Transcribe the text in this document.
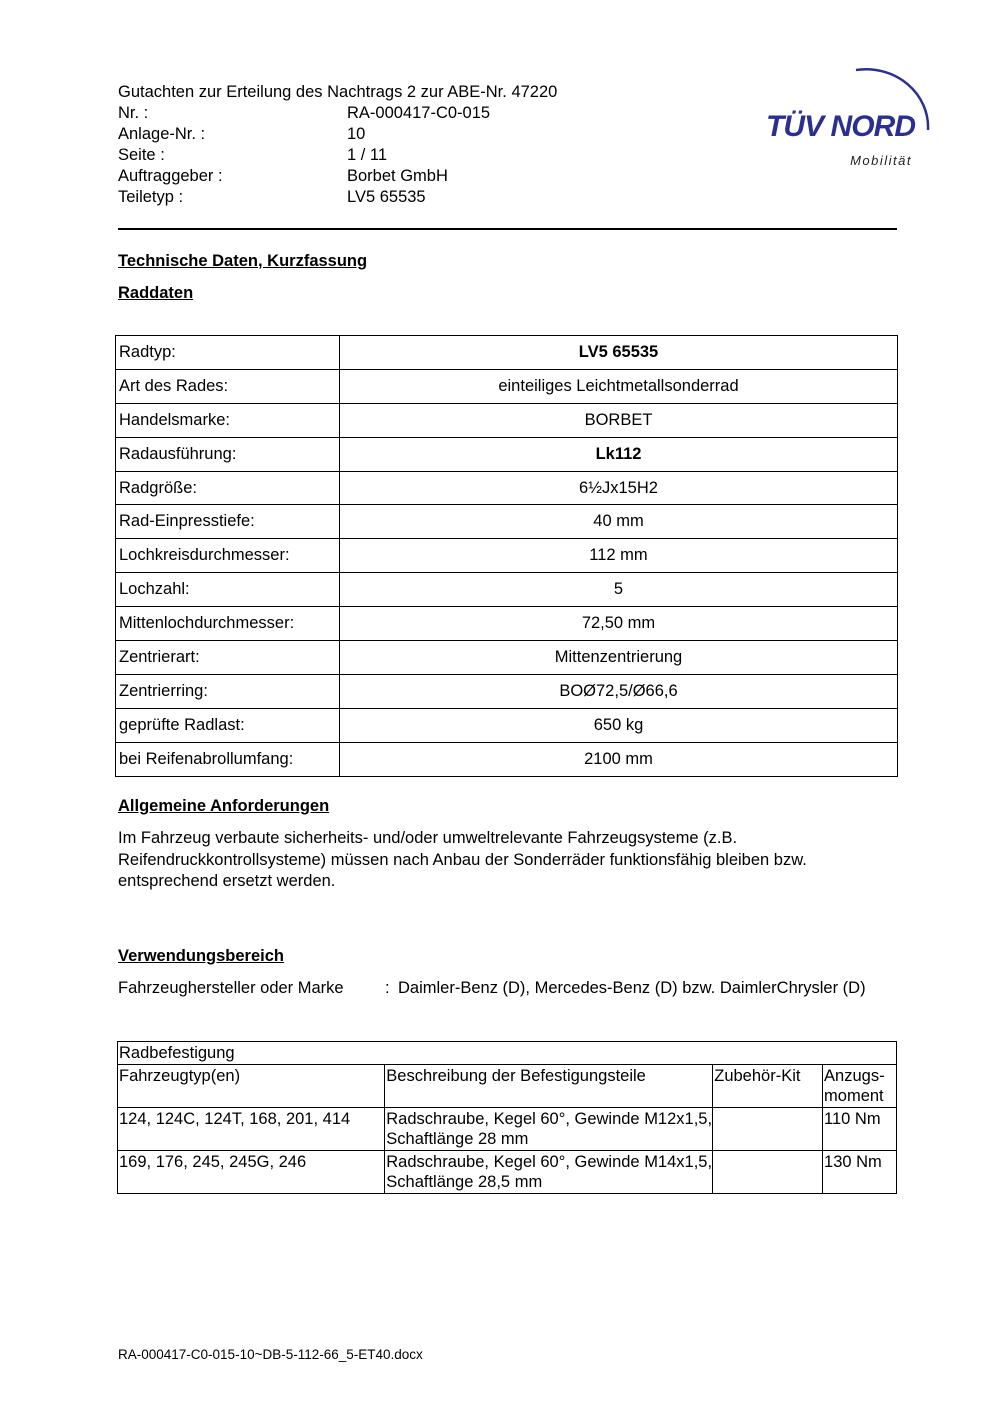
Gutachten zur Erteilung des Nachtrags 2 zur ABE-Nr. 47220
Nr. :	RA-000417-C0-015
Anlage-Nr. :	10
Seite :	1 / 11
Auftraggeber :	Borbet GmbH
Teiletyp :	LV5 65535
TÜV NORD
Mobilität
Technische Daten, Kurzfassung
Raddaten
Radtyp:	LV5 65535
Art des Rades:	einteiliges Leichtmetallsonderrad
Handelsmarke:	BORBET
Radausführung:	Lk112
Radgröße:	6½Jx15H2
Rad-Einpresstiefe:	40 mm
Lochkreisdurchmesser:	112 mm
Lochzahl:	5
Mittenlochdurchmesser:	72,50 mm
Zentrierart:	Mittenzentrierung
Zentrierring:	BOØ72,5/Ø66,6
geprüfte Radlast:	650 kg
bei Reifenabrollumfang:	2100 mm
Allgemeine Anforderungen
Im Fahrzeug verbaute sicherheits- und/oder umweltrelevante Fahrzeugsysteme (z.B. Reifendruckkontrollsysteme) müssen nach Anbau der Sonderräder funktionsfähig bleiben bzw. entsprechend ersetzt werden.
Verwendungsbereich
Fahrzeughersteller oder Marke	: Daimler-Benz (D), Mercedes-Benz (D) bzw. DaimlerChrysler (D)
Radbefestigung			
Fahrzeugtyp(en)	Beschreibung der Befestigungsteile	Zubehör-Kit	Anzugs-moment
124, 124C, 124T, 168, 201, 414	Radschraube, Kegel 60°, Gewinde M12x1,5, Schaftlänge 28 mm		110 Nm
169, 176, 245, 245G, 246	Radschraube, Kegel 60°, Gewinde M14x1,5, Schaftlänge 28,5 mm		130 Nm
RA-000417-C0-015-10~DB-5-112-66_5-ET40.docx
